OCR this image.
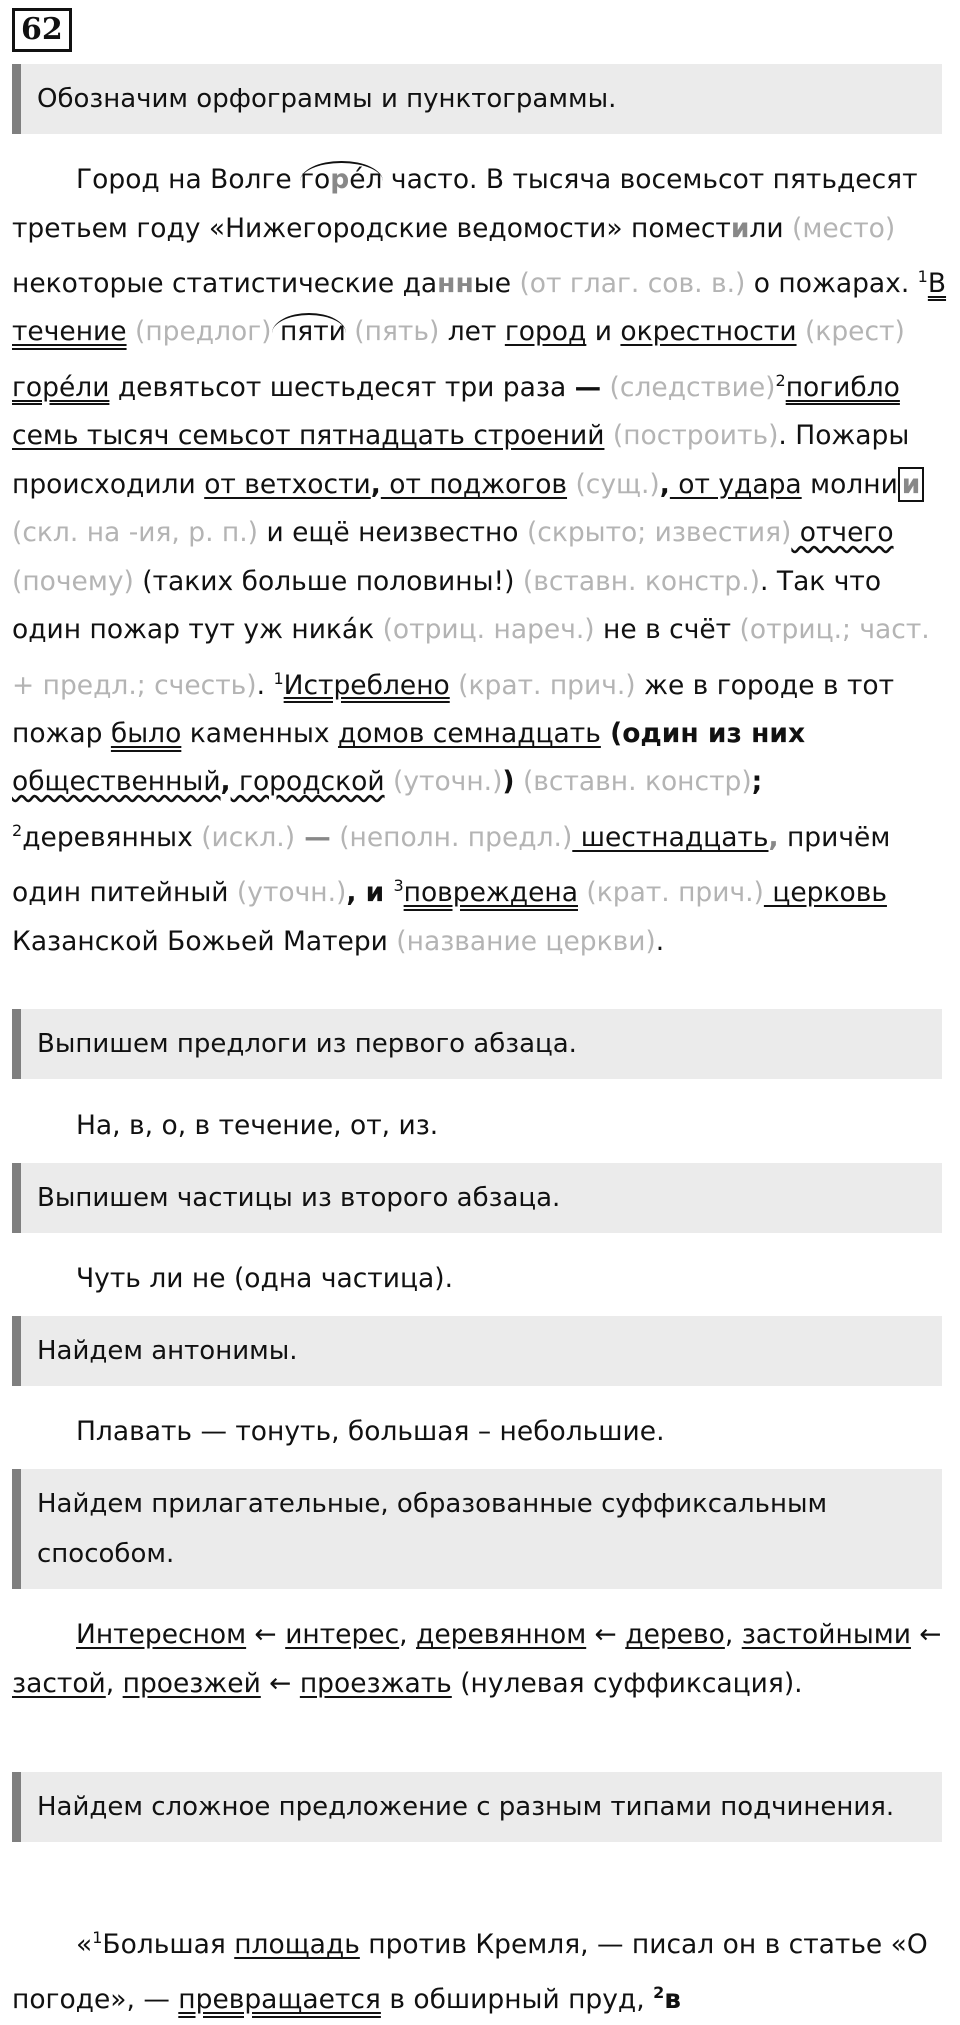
62
Обозначим орфограммы и пунктограммы.
Город на Волге горе́л часто. В тысяча восемьсот пятьдесят третьем году «Нижегородские ведомости» поместили (место) некоторые статистические данные (от глаг. сов. в.) о пожарах. $^1$В течение (предлог) пяти (пять) лет город и окрестности (крест) горе́ли девятьсот шестьдесят три раза — (следствие)$^2$погибло семь тысяч семьсот пятнадцать строений (построить). Пожары происходили от ветхости, от поджогов (сущ.), от удара молни и (скл. на -ия, р. п.) и ещё неизвестно (скрыто; известия) отчего (почему) (таких больше половины!) (вставн. констр.). Так что один пожар тут уж никáк (отриц. нареч.) не в счёт (отриц.; част. + предл.; счесть). $^1$Истреблено (крат. прич.) же в городе в тот пожар было каменных домов семнадцать (один из них общественный, городской (уточн.)) (вставн. констр); $^2$деревянных (искл.) — (неполн. предл.) шестнадцать, причём один питейный (уточн.), и $^3$повреждена (крат. прич.) церковь Казанской Божьей Матери (название церкви).
Выпишем предлоги из первого абзаца.
На, в, о, в течение, от, из.
Выпишем частицы из второго абзаца.
Чуть ли не (одна частица).
Найдем антонимы.
Плавать — тонуть, большая – небольшие.
Найдем прилагательные, образованные суффиксальным способом.
Интересном ← интерес, деревянном ← дерево, застойными ← застой, проезжей ← проезжать (нулевая суффиксация).
Найдем сложное предложение с разным типами подчинения.
«$^1$Большая площадь против Кремля, — писал он в статье «О погоде», — превращается в обширный пруд, $^2$в
